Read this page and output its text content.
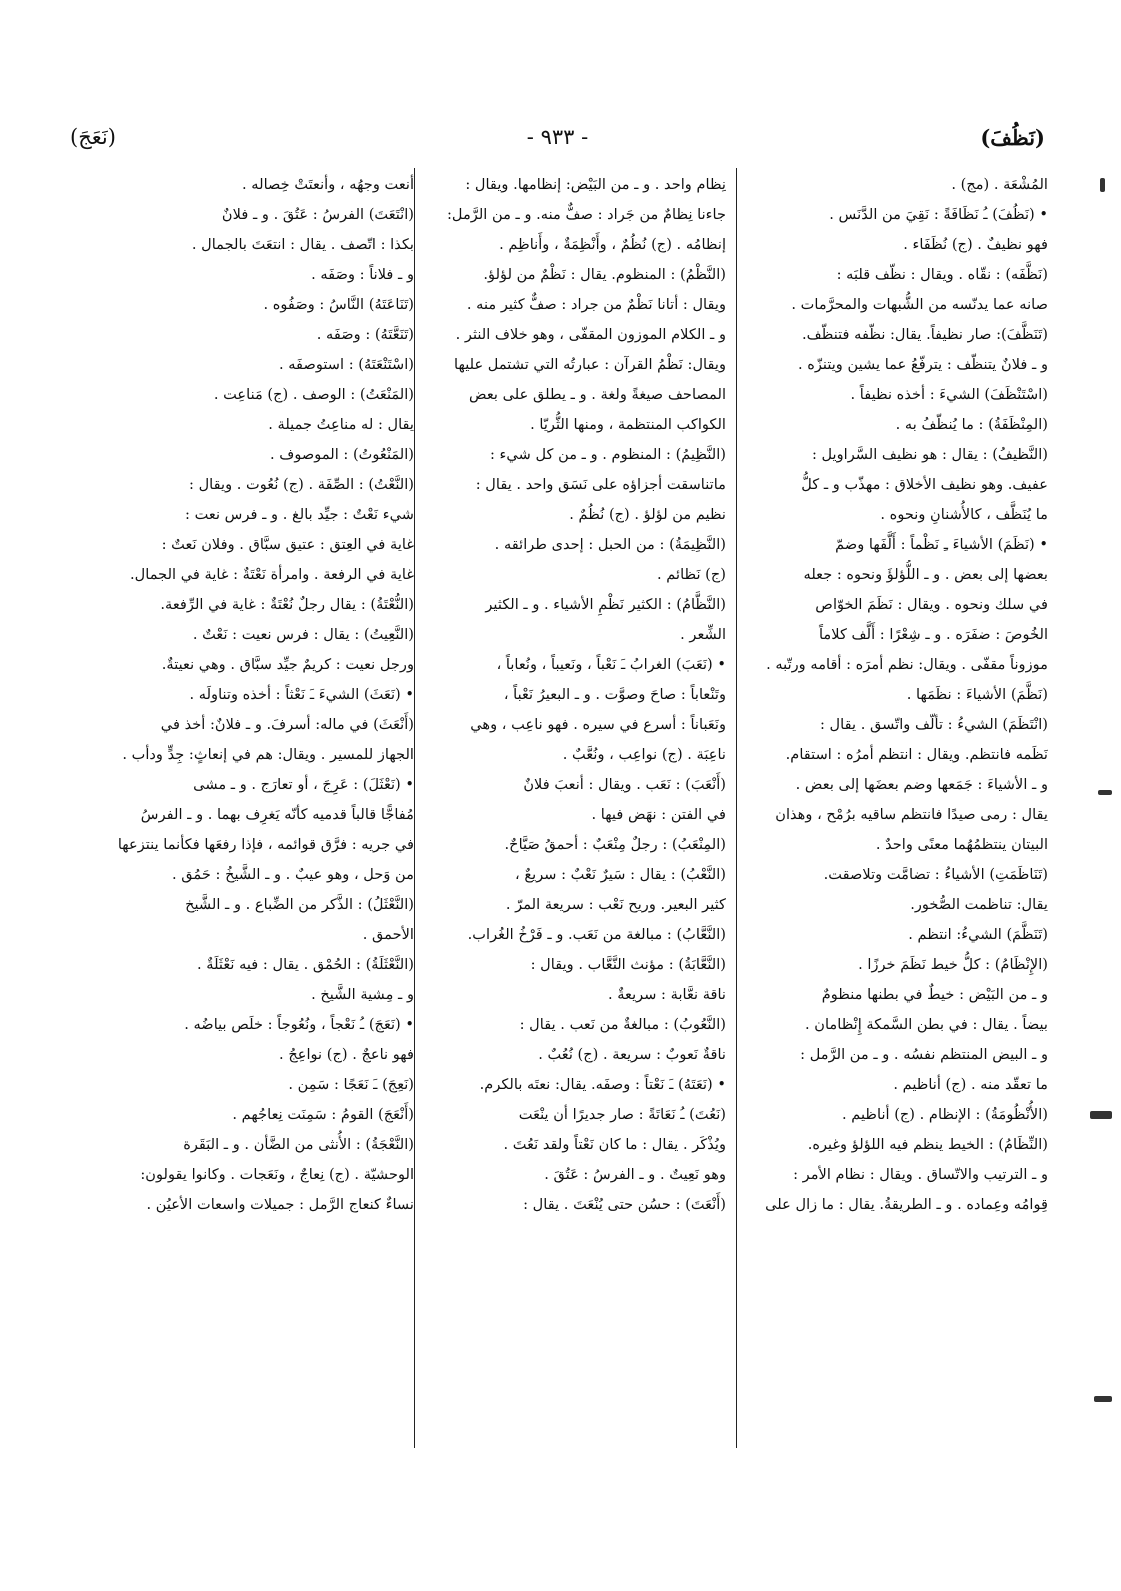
(نَظُفَ)
- ٩٣٣ -
(نَعَجَ)

المُشْعَة . (مج) .

• (نَظُفَ) ـُ نَظَافَةً : نَقِيَ من الدَّنَس .

فهو نظيفٌ . (ج) نُظَفَاء .

(نَظَّفَه) : نقّاه . ويقال : نظّف قلبَه :

صانه عما يدنّسه من الشُّبهات والمحرَّمات .

(تَنَظَّفَ): صار نظيفاً. يقال: نظّفه فتنظّف.

و ـ فلانٌ يتنظّف : يترفّعُ عما يشين ويتنزّه .

(اسْتَنْظَفَ) الشيءَ : أخذه نظيفاً .

(المِنْظَفَةُ) : ما يُنظّفُ به .

(النَّظيفُ) : يقال : هو نظيف السَّراويل :

عفيف. وهو نظيف الأخلاق : مهذّب و ـ كلُّ

ما يُنَظَّف ، كالأُشنانِ ونحوه .

• (نَظَمَ) الأشياءَ ـِ نَظْماً : أَلَّفَها وضمّ

بعضها إلى بعض . و ـ اللُّؤلؤَ ونحوه : جعله

في سلك ونحوه . ويقال : نَظَمَ الخوّاص

الخُوصَ : ضفَرَه . و ـ شِعْرًا : أَلَّف كلاماً

موزوناً مقفّى . ويقال: نظم أمرَه : أقامه ورتّبه .

(نَظَّمَ) الأشياءَ : نظَمَها .

(انْتَظَمَ) الشيءُ : تألّف واتّسق . يقال :

نَظَمه فانتظم. ويقال : انتظم أمرُه : استقام.

و ـ الأشياءَ : جَمَعها وضم بعضَها إلى بعض .

يقال : رمى صيدًا فانتظم ساقيه برُمْح ، وهذان

البيتان ينتظمُهُما معنًى واحدٌ .

(تَنَاظَمَتِ) الأشياءُ : تضامَّت وتلاصقت.

يقال: تناظمت الصُّخور.

(تَنَظَّمَ) الشيءُ: انتظم .

(الإِنْظَامُ) : كلُّ خيط نَظَمَ خرزًا .

و ـ من البَيْض : خيطٌ في بطنها منظومٌ

بيضاً . يقال : في بطن السَّمكة إِنْظامان .

و ـ البيض المنتظم نفسُه . و ـ من الرَّمل :

ما تعقّد منه . (ج) أناظيم .

(الأُنْظُومَةُ) : الإنظام . (ج) أناظيم .

(النِّظَامُ) : الخيط ينظم فيه اللؤلؤ وغيره.

و ـ الترتيب والاتّساق . ويقال : نظام الأمر :

قِوامُه وعِماده . و ـ الطريقةُ. يقال : ما زال على

نِظام واحد . و ـ من البَيْض: إنظامها. ويقال :

جاءنا نِظامٌ من جَراد : صفٌّ منه. و ـ من الرَّمل:

إنظامُه . (ج) نُظُمٌ ، وأَنْظِمَةٌ ، وأَناظِم .

(النَّظْمُ) : المنظوم. يقال : نَظْمٌ من لؤلؤ.

ويقال : أتانا نَظْمٌ من جراد : صفٌّ كثير منه .

و ـ الكلام الموزون المقفّى ، وهو خلاف النثر .

ويقال: نَظْمُ القرآن : عبارتُه التي تشتمل عليها

المصاحف صيغةً ولغة . و ـ يطلق على بعض

الكواكب المنتظمة ، ومنها الثُّريّا .

(النَّظِيمُ) : المنظوم . و ـ من كل شيء :

ماتناسقت أجزاؤه على نَسَق واحد . يقال :

نظيم من لؤلؤ . (ج) نُظُمٌ .

(النَّظِيمَةُ) : من الحبل : إحدى طرائقه .

(ج) نَظائم .

(النَّظَّامُ) : الكثير نَظْمِ الأشياء . و ـ الكثير

الشِّعر .

• (نَعَبَ) الغرابُ ـَ نَعْباً ، ونَعيباً ، ونُعاباً ،

وتَنْعاباً : صاحَ وصوَّت . و ـ البعيرُ نَعْباً ،

ونَعَباناً : أسرع في سيره . فهو ناعِب ، وهي

ناعِبَة . (ج) نواعِب ، ونُعَّبٌ .

(أَنْعَبَ) : نَعَب . ويقال : أنعبَ فلانٌ

في الفتن : نهَض فيها .

(المِنْعَبُ) : رجلٌ مِنْعَبٌ : أحمقُ صَيَّاحٌ.

(النَّعْبُ) : يقال : سَيرٌ نَعْبٌ : سريعٌ ،

كثير البعير. وريح نَعْب : سريعة المرّ .

(النَّعَّابُ) : مبالغة من نَعَب. و ـ فَرْخُ الغُراب.

(النَّعَّابَةُ) : مؤنث النَّعَّاب . ويقال :

ناقة نعَّابة : سريعةٌ .

(النَّعُوبُ) : مبالغةٌ من نَعب . يقال :

ناقةٌ نَعوبٌ : سريعة . (ج) نُعُبٌ .

• (نَعَتَهُ) ـَ نَعْتاً : وصفَه. يقال: نعتَه بالكرم.

(نَعُتَ) ـُ نَعَاتَةً : صار جديرًا أن ينْعَت

ويُذْكَر . يقال : ما كان نَعْتاً ولقد نَعُتَ .

وهو نَعِيتٌ . و ـ الفرسُ : عَتُقَ .

(أَنْعَتَ) : حسُن حتى يُنْعَتَ . يقال :

أنعت وجهُه ، وأنعتَتْ خِصاله .

(انْتَعَتَ) الفرسُ : عَتُقَ . و ـ فلانٌ

بكذا : اتّصف . يقال : انتعَتَ بالجمال .

و ـ فلاناً : وصَفَه .

(تَنَاعَتَهُ) النَّاسُ : وصَفُوه .

(تَنَعَّتَهُ) : وصَفَه .

(اسْتَنْعَتَهُ) : استوصفَه .

(المَنْعَتُ) : الوصف . (ج) مَناعِت .

يقال : له مناعِتُ جميلة .

(المَنْعُوتُ) : الموصوف .

(النَّعْتُ) : الصِّفَة . (ج) نُعُوت . ويقال :

شيء نَعْتٌ : جيِّد بالغ . و ـ فرس نعت :

غاية في العِتق : عتيق سبَّاق . وفلان نَعتٌ :

غاية في الرفعة . وامرأة نَعْتَةٌ : غاية في الجمال.

(النُّعْتَةُ) : يقال رجلٌ نُعْتَةٌ : غاية في الرِّفعة.

(النَّعِيتُ) : يقال : فرس نعيت : نَعْتٌ .

ورجل نعيت : كريمٌ جيِّد سبَّاق . وهي نعيتةٌ.

• (نَعَثَ) الشيءَ ـَ نَعْثاً : أخذه وتناولَه .

(أَنْعَثَ) في ماله: أسرفَ. و ـ فلانٌ: أخذ في

الجهاز للمسير . ويقال: هم في إنعاثٍ: جِدٍّ ودأب .

• (نَعْثَلَ) : عَرِجَ ، أو تعارَج . و ـ مشى

مُفاجًّا قالباً قدميه كأنّه يَغرِف بهما . و ـ الفرسُ

في جريه : فرَّق قوائمه ، فإذا رفعَها فكأنما ينتزعها

من وَحل ، وهو عيبٌ . و ـ الشَّيخُ : حَمُق .

(النَّعْثَلُ) : الذَّكر من الضِّباع . و ـ الشَّيخ

الأحمق .

(النَّعْثَلَةُ) : الحُمْق . يقال : فيه نَعْثَلَةٌ .

و ـ مِشية الشَّيخ .

• (نَعَجَ) ـُ نَعْجاً ، ونُعُوجاً : خلَص بياضُه .

فهو ناعجٌ . (ج) نواعِجُ .

(نَعِجَ) ـَ نَعَجًا : سَمِن .

(أَنْعَجَ) القومُ : سَمِنَت نِعاجُهم .

(النَّعْجَةُ) : الأُنثى من الضَّأن . و ـ البَقَرة

الوحشيّة . (ج) نِعاجٌ ، ونَعَجات . وكانوا يقولون:

نساءٌ كنعاج الرَّمل : جميلات واسعات الأعيُن .
